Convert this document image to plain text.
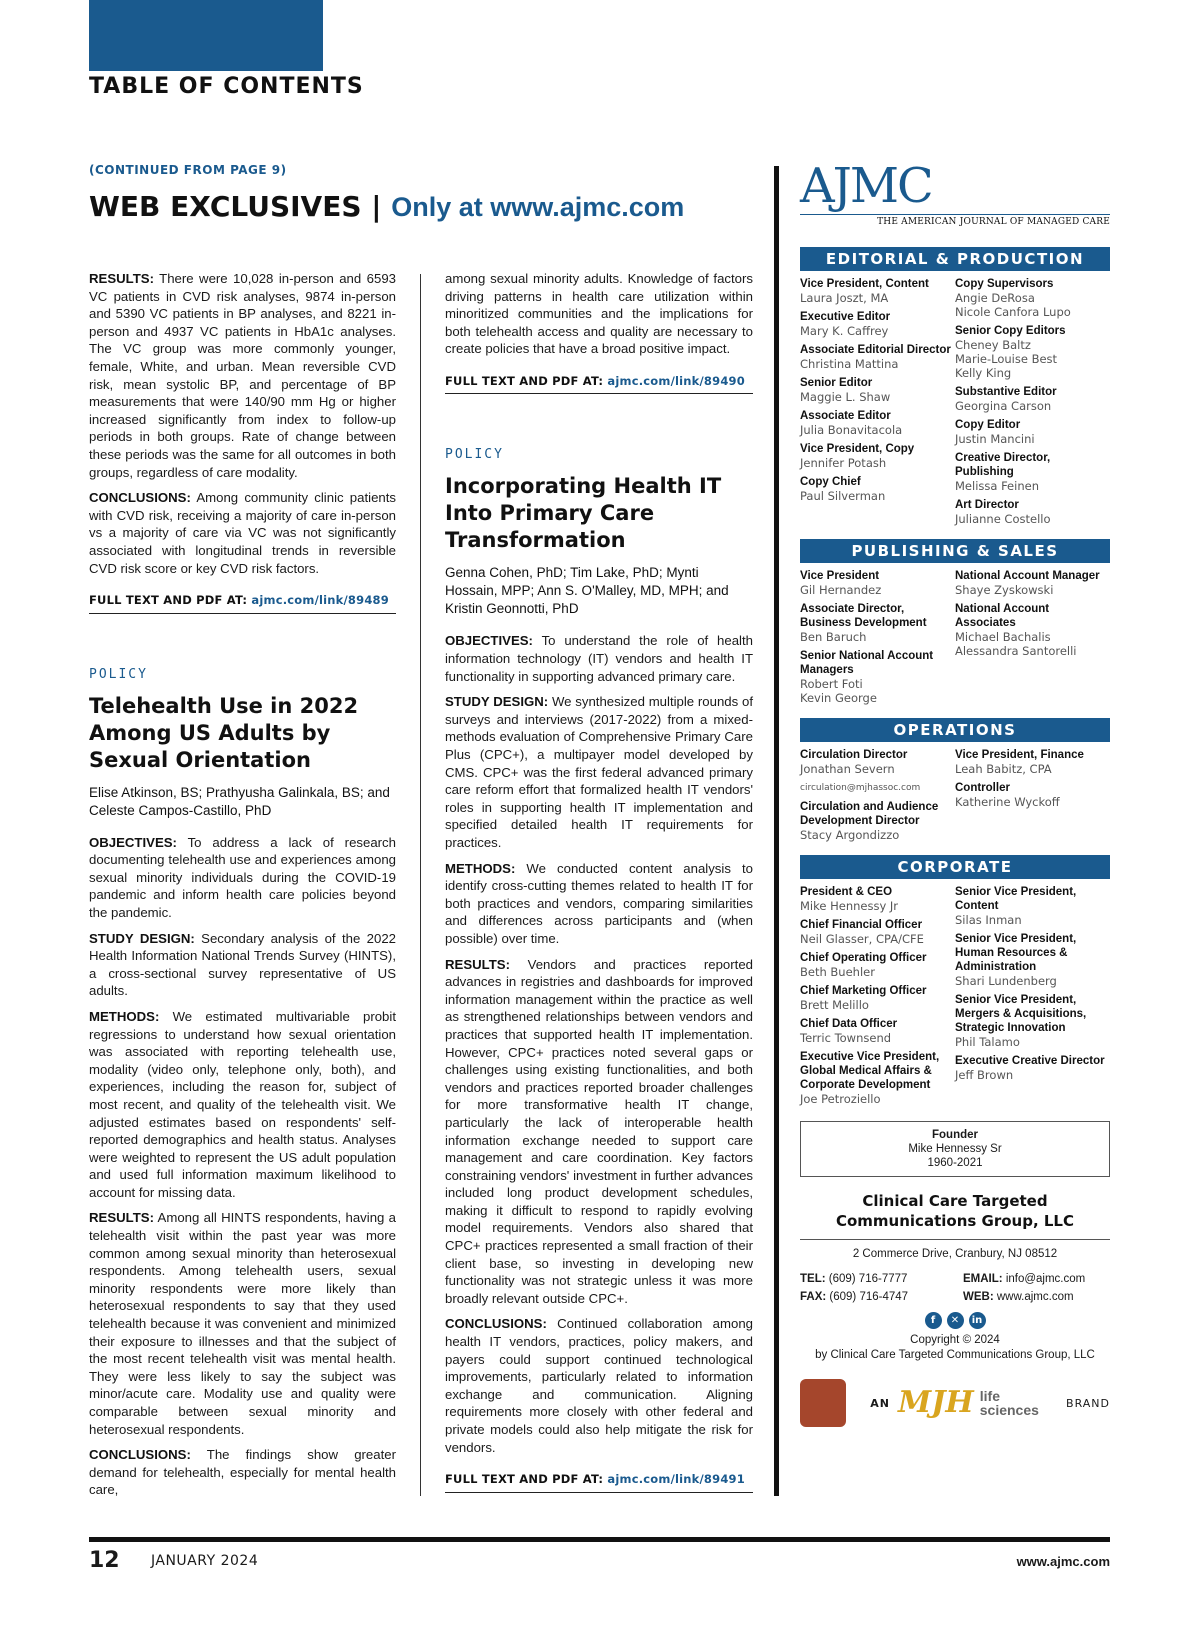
TABLE OF CONTENTS
(CONTINUED FROM PAGE 9)
WEB EXCLUSIVES | Only at www.ajmc.com

RESULTS: There were 10,028 in-person and 6593 VC patients in CVD risk analyses, 9874 in-person and 5390 VC patients in BP analyses, and 8221 in-person and 4937 VC patients in HbA1c analyses. The VC group was more commonly younger, female, White, and urban. Mean reversible CVD risk, mean systolic BP, and percentage of BP measurements that were 140/90 mm Hg or higher increased significantly from index to follow-up periods in both groups. Rate of change between these periods was the same for all outcomes in both groups, regardless of care modality.

CONCLUSIONS: Among community clinic patients with CVD risk, receiving a majority of care in-person vs a majority of care via VC was not significantly associated with longitudinal trends in reversible CVD risk score or key CVD risk factors.

FULL TEXT AND PDF AT: ajmc.com/link/89489
POLICY
Telehealth Use in 2022 Among US Adults by Sexual Orientation
Elise Atkinson, BS; Prathyusha Galinkala, BS; and Celeste Campos-Castillo, PhD

OBJECTIVES: To address a lack of research documenting telehealth use and experiences among sexual minority individuals during the COVID-19 pandemic and inform health care policies beyond the pandemic.

STUDY DESIGN: Secondary analysis of the 2022 Health Information National Trends Survey (HINTS), a cross-sectional survey representative of US adults.

METHODS: We estimated multivariable probit regressions to understand how sexual orientation was associated with reporting telehealth use, modality (video only, telephone only, both), and experiences, including the reason for, subject of most recent, and quality of the telehealth visit. We adjusted estimates based on respondents' self-reported demographics and health status. Analyses were weighted to represent the US adult population and used full information maximum likelihood to account for missing data.

RESULTS: Among all HINTS respondents, having a telehealth visit within the past year was more common among sexual minority than heterosexual respondents. Among telehealth users, sexual minority respondents were more likely than heterosexual respondents to say that they used telehealth because it was convenient and minimized their exposure to illnesses and that the subject of the most recent telehealth visit was mental health. They were less likely to say the subject was minor/acute care. Modality use and quality were comparable between sexual minority and heterosexual respondents.

CONCLUSIONS: The findings show greater demand for telehealth, especially for mental health care,

among sexual minority adults. Knowledge of factors driving patterns in health care utilization within minoritized communities and the implications for both telehealth access and quality are necessary to create policies that have a broad positive impact.

FULL TEXT AND PDF AT: ajmc.com/link/89490
POLICY
Incorporating Health IT Into Primary Care Transformation
Genna Cohen, PhD; Tim Lake, PhD; Mynti Hossain, MPP; Ann S. O'Malley, MD, MPH; and Kristin Geonnotti, PhD

OBJECTIVES: To understand the role of health information technology (IT) vendors and health IT functionality in supporting advanced primary care.

STUDY DESIGN: We synthesized multiple rounds of surveys and interviews (2017-2022) from a mixed-methods evaluation of Comprehensive Primary Care Plus (CPC+), a multipayer model developed by CMS. CPC+ was the first federal advanced primary care reform effort that formalized health IT vendors' roles in supporting health IT implementation and specified detailed health IT requirements for practices.

METHODS: We conducted content analysis to identify cross-cutting themes related to health IT for both practices and vendors, comparing similarities and differences across participants and (when possible) over time.

RESULTS: Vendors and practices reported advances in registries and dashboards for improved information management within the practice as well as strengthened relationships between vendors and practices that supported health IT implementation. However, CPC+ practices noted several gaps or challenges using existing functionalities, and both vendors and practices reported broader challenges for more transformative health IT change, particularly the lack of interoperable health information exchange needed to support care management and care coordination. Key factors constraining vendors' investment in further advances included long product development schedules, making it difficult to respond to rapidly evolving model requirements. Vendors also shared that CPC+ practices represented a small fraction of their client base, so investing in developing new functionality was not strategic unless it was more broadly relevant outside CPC+.

CONCLUSIONS: Continued collaboration among health IT vendors, practices, policy makers, and payers could support continued technological improvements, particularly related to information exchange and communication. Aligning requirements more closely with other federal and private models could also help mitigate the risk for vendors.

FULL TEXT AND PDF AT: ajmc.com/link/89491
AJMC
THE AMERICAN JOURNAL OF MANAGED CARE
EDITORIAL & PRODUCTION
Vice President, Content
Laura Joszt, MA
Executive Editor
Mary K. Caffrey
Associate Editorial Director
Christina Mattina
Senior Editor
Maggie L. Shaw
Associate Editor
Julia Bonavitacola
Vice President, Copy
Jennifer Potash
Copy Chief
Paul Silverman
Copy Supervisors
Angie DeRosa
Nicole Canfora Lupo
Senior Copy Editors
Cheney Baltz
Marie-Louise Best
Kelly King
Substantive Editor
Georgina Carson
Copy Editor
Justin Mancini
Creative Director, Publishing
Melissa Feinen
Art Director
Julianne Costello
PUBLISHING & SALES
Vice President
Gil Hernandez
Associate Director, Business Development
Ben Baruch
Senior National Account Managers
Robert Foti
Kevin George
National Account Manager
Shaye Zyskowski
National Account Associates
Michael Bachalis
Alessandra Santorelli
OPERATIONS
Circulation Director
Jonathan Severn
circulation@mjhassoc.com
Circulation and Audience Development Director
Stacy Argondizzo
Vice President, Finance
Leah Babitz, CPA
Controller
Katherine Wyckoff
CORPORATE
President & CEO
Mike Hennessy Jr
Chief Financial Officer
Neil Glasser, CPA/CFE
Chief Operating Officer
Beth Buehler
Chief Marketing Officer
Brett Melillo
Chief Data Officer
Terric Townsend
Executive Vice President, Global Medical Affairs & Corporate Development
Joe Petroziello
Senior Vice President, Content
Silas Inman
Senior Vice President, Human Resources & Administration
Shari Lundenberg
Senior Vice President, Mergers & Acquisitions, Strategic Innovation
Phil Talamo
Executive Creative Director
Jeff Brown
Founder
Mike Hennessy Sr
1960-2021
Clinical Care Targeted Communications Group, LLC
2 Commerce Drive, Cranbury, NJ 08512
TEL: (609) 716-7777
FAX: (609) 716-4747
EMAIL: info@ajmc.com
WEB: www.ajmc.com
f	✕	in
Copyright © 2024
by Clinical Care Targeted Communications Group, LLC
AN MJH life sciences	BRAND
12 JANUARY 2024	www.ajmc.com
